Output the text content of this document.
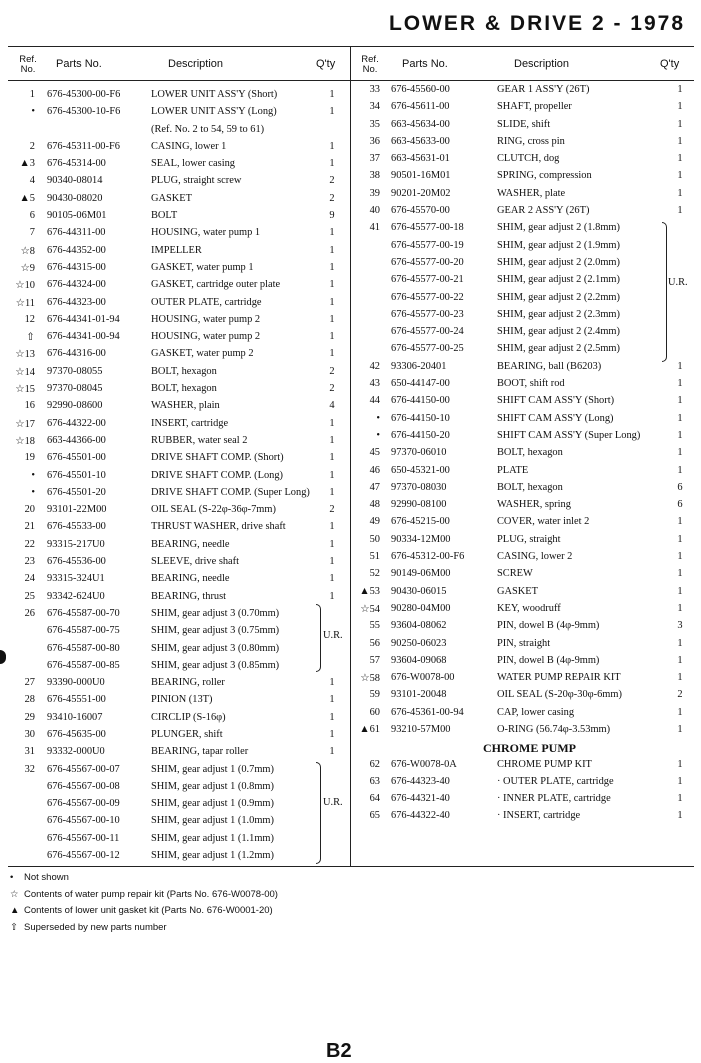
LOWER & DRIVE 2 - 1978
Ref. No.	Parts No.	Description	Q'ty	Ref. No.	Parts No.	Description	Q'ty
1 676-45300-00-F6	LOWER UNIT ASS'Y (Short)	1
• 676-45300-10-F6	LOWER UNIT ASS'Y (Long)	1
(Ref. No. 2 to 54, 59 to 61)
2 676-45311-00-F6	CASING, lower 1	1
▲3 676-45314-00	SEAL, lower casing	1
4 90340-08014	PLUG, straight screw	2
▲5 90430-08020	GASKET	2
6 90105-06M01	BOLT	9
7 676-44311-00	HOUSING, water pump 1	1
☆8 676-44352-00	IMPELLER	1
☆9 676-44315-00	GASKET, water pump 1	1
☆10 676-44324-00	GASKET, cartridge outer plate	1
☆11 676-44323-00	OUTER PLATE, cartridge	1
12 676-44341-01-94	HOUSING, water pump 2	1
⇧ 676-44341-00-94	HOUSING, water pump 2	1
☆13 676-44316-00	GASKET, water pump 2	1
☆14 97370-08055	BOLT, hexagon	2
☆15 97370-08045	BOLT, hexagon	2
16 92990-08600	WASHER, plain	4
☆17 676-44322-00	INSERT, cartridge	1
☆18 663-44366-00	RUBBER, water seal 2	1
19 676-45501-00	DRIVE SHAFT COMP. (Short)	1
• 676-45501-10	DRIVE SHAFT COMP. (Long)	1
• 676-45501-20	DRIVE SHAFT COMP. (Super Long)	1
20 93101-22M00	OIL SEAL (S-22φ-36φ-7mm)	2
21 676-45533-00	THRUST WASHER, drive shaft	1
22 93315-217U0	BEARING, needle	1
23 676-45536-00	SLEEVE, drive shaft	1
24 93315-324U1	BEARING, needle	1
25 93342-624U0	BEARING, thrust	1
26 676-45587-00-70	SHIM, gear adjust 3 (0.70mm)
676-45587-00-75	SHIM, gear adjust 3 (0.75mm)
676-45587-00-80	SHIM, gear adjust 3 (0.80mm)
676-45587-00-85	SHIM, gear adjust 3 (0.85mm)
27 93390-000U0	BEARING, roller	1
28 676-45551-00	PINION (13T)	1
29 93410-16007	CIRCLIP (S-16φ)	1
30 676-45635-00	PLUNGER, shift	1
31 93332-000U0	BEARING, tapar roller	1
32 676-45567-00-07	SHIM, gear adjust 1 (0.7mm)
676-45567-00-08	SHIM, gear adjust 1 (0.8mm)
676-45567-00-09	SHIM, gear adjust 1 (0.9mm)
676-45567-00-10	SHIM, gear adjust 1 (1.0mm)
676-45567-00-11	SHIM, gear adjust 1 (1.1mm)
676-45567-00-12	SHIM, gear adjust 1 (1.2mm)
33 676-45560-00	GEAR 1 ASS'Y (26T)	1
34 676-45611-00	SHAFT, propeller	1
35 663-45634-00	SLIDE, shift	1
36 663-45633-00	RING, cross pin	1
37 663-45631-01	CLUTCH, dog	1
38 90501-16M01	SPRING, compression	1
39 90201-20M02	WASHER, plate	1
40 676-45570-00	GEAR 2 ASS'Y (26T)	1
41 676-45577-00-18	SHIM, gear adjust 2 (1.8mm)
676-45577-00-19	SHIM, gear adjust 2 (1.9mm)
676-45577-00-20	SHIM, gear adjust 2 (2.0mm)
676-45577-00-21	SHIM, gear adjust 2 (2.1mm)
676-45577-00-22	SHIM, gear adjust 2 (2.2mm)
676-45577-00-23	SHIM, gear adjust 2 (2.3mm)
676-45577-00-24	SHIM, gear adjust 2 (2.4mm)
676-45577-00-25	SHIM, gear adjust 2 (2.5mm)
42 93306-20401	BEARING, ball (B6203)	1
43 650-44147-00	BOOT, shift rod	1
44 676-44150-00	SHIFT CAM ASS'Y (Short)	1
• 676-44150-10	SHIFT CAM ASS'Y (Long)	1
• 676-44150-20	SHIFT CAM ASS'Y (Super Long)	1
45 97370-06010	BOLT, hexagon	1
46 650-45321-00	PLATE	1
47 97370-08030	BOLT, hexagon	6
48 92990-08100	WASHER, spring	6
49 676-45215-00	COVER, water inlet 2	1
50 90334-12M00	PLUG, straight	1
51 676-45312-00-F6	CASING, lower 2	1
52 90149-06M00	SCREW	1
▲53 90430-06015	GASKET	1
☆54 90280-04M00	KEY, woodruff	1
55 93604-08062	PIN, dowel B (4φ-9mm)	3
56 90250-06023	PIN, straight	1
57 93604-09068	PIN, dowel B (4φ-9mm)	1
☆58 676-W0078-00	WATER PUMP REPAIR KIT	1
59 93101-20048	OIL SEAL (S-20φ-30φ-6mm)	2
60 676-45361-00-94	CAP, lower casing	1
▲61 93210-57M00	O-RING (56.74φ-3.53mm)	1
CHROME PUMP
62 676-W0078-0A	CHROME PUMP KIT	1
63 676-44323-40	· OUTER PLATE, cartridge	1
64 676-44321-40	· INNER PLATE, cartridge	1
65 676-44322-40	· INSERT, cartridge	1
U.R.
U.R.
U.R.
• Not shown
☆ Contents of water pump repair kit (Parts No. 676-W0078-00)
▲ Contents of lower unit gasket kit (Parts No. 676-W0001-20)
⇧ Superseded by new parts number
B2
